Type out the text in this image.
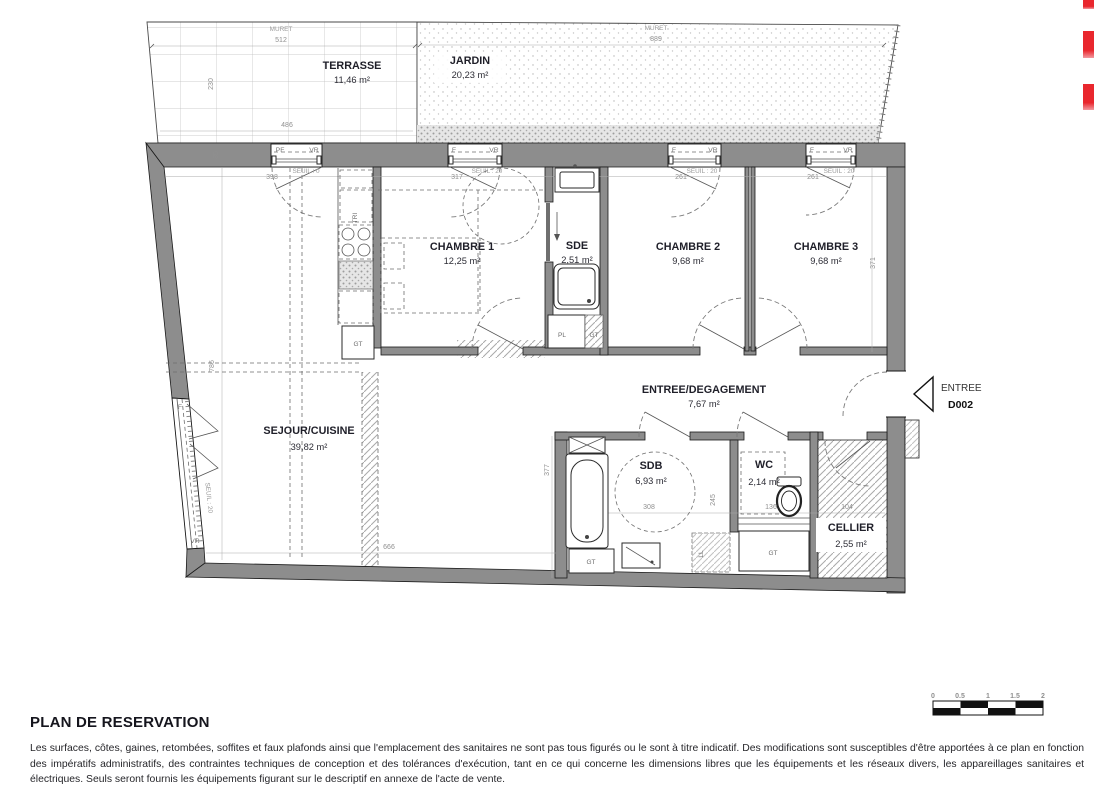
MURET
512
230
486
MURET
889
TERRASSE
11,46 m²
JARDIN
20,23 m²
PF	VR	F	VR	F	VR	F	VR
F
VR
SEUIL : 20
398
SEUIL : 0
317
SEUIL : 20
261
SEUIL : 20
261
SEUIL : 20
371
786
35
666
377
308
245
136	104
TRI
GT
PL	GT
GT
LL	GT
CHAMBRE 1
12,25 m²
SDE
2,51 m²
CHAMBRE 2
9,68 m²
CHAMBRE 3
9,68 m²
ENTREE/DEGAGEMENT
7,67 m²
SEJOUR/CUISINE
39,82 m²
SDB
6,93 m²
WC
2,14 m²
CELLIER
2,55 m²
ENTREE
D002
0	0.5	1	1.5	2
PLAN DE RESERVATION

Les surfaces, côtes, gaines, retombées, soffites et faux plafonds ainsi que l'emplacement des sanitaires ne sont pas tous figurés ou le sont à titre indicatif. Des modifications sont susceptibles d'être apportées à ce plan en fonction des impératifs administratifs, des contraintes techniques de conception et des tolérances d'exécution, tant en ce qui concerne les dimensions libres que les équipements et les réseaux divers, les appareillages sanitaires et électriques. Seuls seront fournis les équipements figurant sur le descriptif en annexe de l'acte de vente.
